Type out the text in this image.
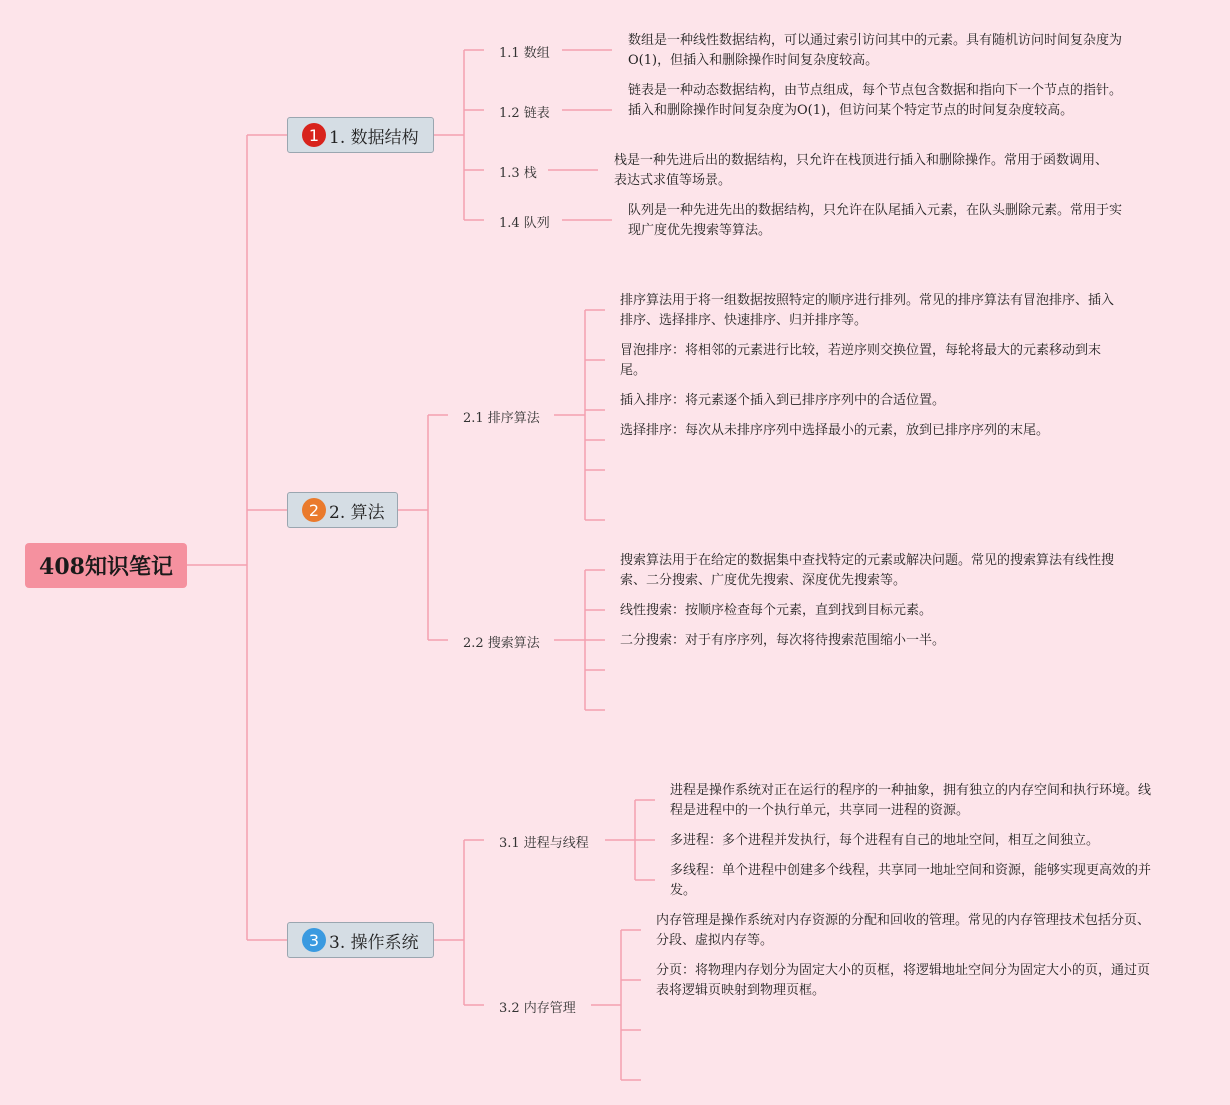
408知识笔记
1 1. 数据结构
2 2. 算法
3 3. 操作系统
1.1 数组
1.2 链表
1.3 栈
1.4 队列
数组是一种线性数据结构，可以通过索引访问其中的元素。具有随机访问时间复杂度为O(1)，但插入和删除操作时间复杂度较高。
链表是一种动态数据结构，由节点组成，每个节点包含数据和指向下一个节点的指针。插入和删除操作时间复杂度为O(1)，但访问某个特定节点的时间复杂度较高。
栈是一种先进后出的数据结构，只允许在栈顶进行插入和删除操作。常用于函数调用、表达式求值等场景。
队列是一种先进先出的数据结构，只允许在队尾插入元素，在队头删除元素。常用于实现广度优先搜索等算法。
2.1 排序算法
2.2 搜索算法
排序算法用于将一组数据按照特定的顺序进行排列。常见的排序算法有冒泡排序、插入排序、选择排序、快速排序、归并排序等。
冒泡排序：将相邻的元素进行比较，若逆序则交换位置，每轮将最大的元素移动到末尾。
插入排序：将元素逐个插入到已排序序列中的合适位置。
选择排序：每次从未排序序列中选择最小的元素，放到已排序序列的末尾。
搜索算法用于在给定的数据集中查找特定的元素或解决问题。常见的搜索算法有线性搜索、二分搜索、广度优先搜索、深度优先搜索等。
线性搜索：按顺序检查每个元素，直到找到目标元素。
二分搜索：对于有序序列，每次将待搜索范围缩小一半。
3.1 进程与线程
3.2 内存管理
进程是操作系统对正在运行的程序的一种抽象，拥有独立的内存空间和执行环境。线程是进程中的一个执行单元，共享同一进程的资源。
多进程：多个进程并发执行，每个进程有自己的地址空间，相互之间独立。
多线程：单个进程中创建多个线程，共享同一地址空间和资源，能够实现更高效的并发。
内存管理是操作系统对内存资源的分配和回收的管理。常见的内存管理技术包括分页、分段、虚拟内存等。
分页：将物理内存划分为固定大小的页框，将逻辑地址空间分为固定大小的页，通过页表将逻辑页映射到物理页框。
